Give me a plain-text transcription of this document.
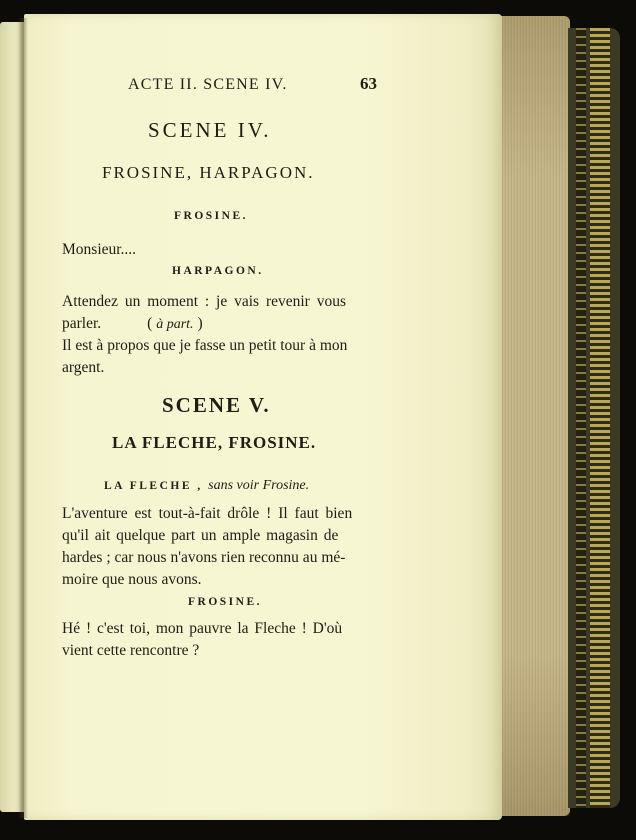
ACTE II. SCENE IV.	63
SCENE IV.
FROSINE, HARPAGON.
FROSINE.
Monsieur....
HARPAGON.
Attendez un moment : je vais revenir vous
parler.	( à part. )
Il est à propos que je fasse un petit tour à mon
argent.
SCENE V.
LA FLECHE, FROSINE.
LA FLECHE , sans voir Frosine.
L'aventure est tout-à-fait drôle ! Il faut bien
qu'il ait quelque part un ample magasin de
hardes ; car nous n'avons rien reconnu au mé-
moire que nous avons.
FROSINE.
Hé ! c'est toi, mon pauvre la Fleche ! D'où
vient cette rencontre ?
